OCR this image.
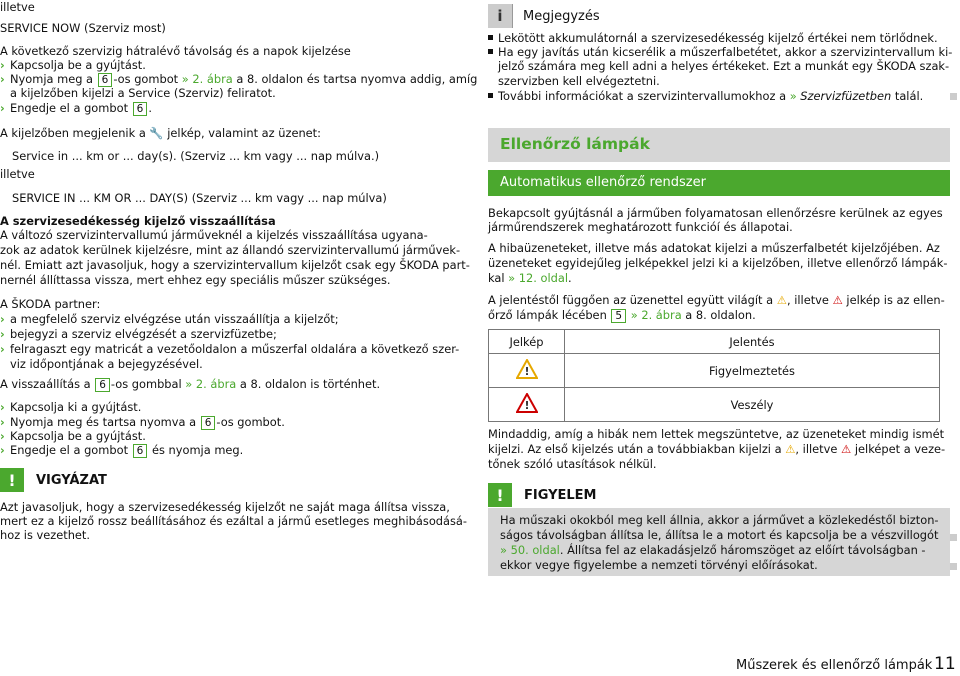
illetve
SERVICE NOW (Szerviz most)
A következő szervizig hátralévő távolság és a napok kijelzése
› Kapcsolja be a gyújtást.
› Nyomja meg a 6 -os gombot » 2. ábra a 8. oldalon és tartsa nyomva addig, amíg
a kijelzőben kijelzi a Service (Szerviz) feliratot.
› Engedje el a gombot 6 .
A kijelzőben megjelenik a 🔧 jelkép, valamint az üzenet:
Service in ... km or ... day(s). (Szerviz ... km vagy ... nap múlva.)
illetve
SERVICE IN ... KM OR ... DAY(S) (Szerviz ... km vagy ... nap múlva)
A szervizesedékesség kijelző visszaállítása
A változó szervizintervallumú járműveknél a kijelzés visszaállítása ugyana-
zok az adatok kerülnek kijelzésre, mint az állandó szervizintervallumú járművek-
nél. Emiatt azt javasoljuk, hogy a szervizintervallum kijelzőt csak egy ŠKODA part-
nernél állíttassa vissza, mert ehhez egy speciális műszer szükséges.
A ŠKODA partner:
› a megfelelő szerviz elvégzése után visszaállítja a kijelzőt;
› bejegyzi a szerviz elvégzését a szervizfüzetbe;
› felragaszt egy matricát a vezetőoldalon a műszerfal oldalára a következő szer-
viz időpontjának a bejegyzésével.
A visszaállítás a 6 -os gombbal » 2. ábra a 8. oldalon is történhet.
› Kapcsolja ki a gyújtást.
› Nyomja meg és tartsa nyomva a 6 -os gombot.
› Kapcsolja be a gyújtást.
› Engedje el a gombot 6 és nyomja meg.
!	VIGYÁZAT
Azt javasoljuk, hogy a szervizesedékesség kijelzőt ne saját maga állítsa vissza,
mert ez a kijelző rossz beállításához és ezáltal a jármű esetleges meghibásodásá-
hoz is vezethet.
i	Megjegyzés
Lekötött akkumulátornál a szervizesedékesség kijelző értékei nem törlődnek.
Ha egy javítás után kicserélik a műszerfalbetétet, akkor a szervizintervallum ki-
jelző számára meg kell adni a helyes értékeket. Ezt a munkát egy ŠKODA szak-
szervizben kell elvégeztetni.
További információkat a szervizintervallumokhoz a » Szervizfüzetben talál.
Ellenőrző lámpák
Automatikus ellenőrző rendszer
Bekapcsolt gyújtásnál a járműben folyamatosan ellenőrzésre kerülnek az egyes
járműrendszerek meghatározott funkcióí és állapotai.
A hibaüzeneteket, illetve más adatokat kijelzi a műszerfalbetét kijelzőjében. Az
üzeneteket egyidejűleg jelképekkel jelzi ki a kijelzőben, illetve ellenőrző lámpák-
kal » 12. oldal.
A jelentéstől függően az üzenettel együtt világít a ⚠, illetve ⚠ jelkép is az ellen-
őrző lámpák lécében 5 » 2. ábra a 8. oldalon.
Jelkép	Jelentés

!	Figyelmeztetés

!	Veszély
Mindaddig, amíg a hibák nem lettek megszüntetve, az üzeneteket mindig ismét
kijelzi. Az első kijelzés után a továbbiakban kijelzi a ⚠, illetve ⚠ jelképet a veze-
tőnek szóló utasítások nélkül.
!	FIGYELEM
Ha műszaki okokból meg kell állnia, akkor a járművet a közlekedéstől bizton-
ságos távolságban állítsa le, állítsa le a motort és kapcsolja be a vészvillogót
» 50. oldal. Állítsa fel az elakadásjelző háromszöget az előírt távolságban -
ekkor vegye figyelembe a nemzeti törvényi előírásokat.
Műszerek és ellenőrző lámpák 11
